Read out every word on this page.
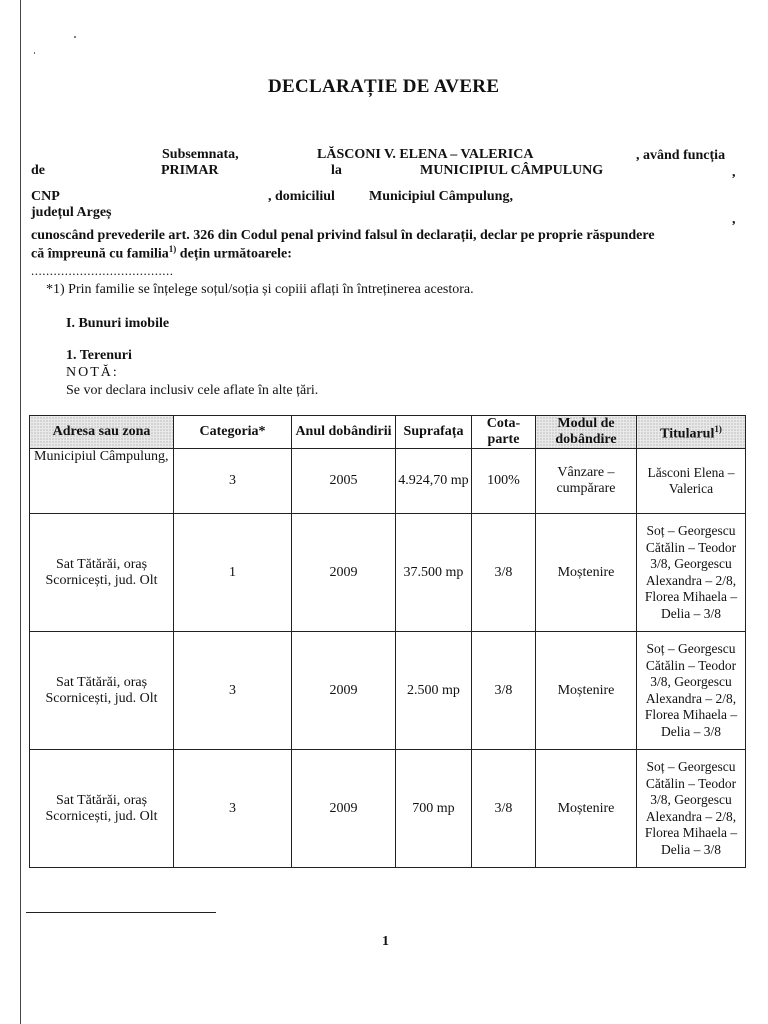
DECLARAȚIE DE AVERE
Subsemnata,	LĂSCONI V. ELENA – VALERICA	, având funcția
de	PRIMAR	la	MUNICIPIUL CÂMPULUNG	,
CNP	, domiciliul Municipiul Câmpulung,
județul Argeș	,
cunoscând prevederile art. 326 din Codul penal privind falsul în declarații, declar pe propriе răspundere
că împreună cu familia$^{1)}$ dețin următoarele:
......................................
*1) Prin familie se înțelege soțul/soția și copiii aflați în întreținerea acestora.
I. Bunuri imobile
1. Terenuri
NOTĂ:
Se vor declara inclusiv cele aflate în alte țări.
Adresa sau zona	Categoria*	Anul dobândirii	Suprafața	Cota-parte	Modul de dobândire	Titularul$^{1)}$
Municipiul Câmpulung,	3	2005	4.924,70 mp	100%	Vânzare – cumpărare	Lăsconi Elena – Valerica
Sat Tătărăi, oraș Scornicești, jud. Olt	1	2009	37.500 mp	3/8	Moștenire	Soț – Georgescu Cătălin – Teodor 3/8, Georgescu Alexandra – 2/8, Florea Mihaela – Delia – 3/8
Sat Tătărăi, oraș Scornicești, jud. Olt	3	2009	2.500 mp	3/8	Moștenire	Soț – Georgescu Cătălin – Teodor 3/8, Georgescu Alexandra – 2/8, Florea Mihaela – Delia – 3/8
Sat Tătărăi, oraș Scornicești, jud. Olt	3	2009	700 mp	3/8	Moștenire	Soț – Georgescu Cătălin – Teodor 3/8, Georgescu Alexandra – 2/8, Florea Mihaela – Delia – 3/8
1
